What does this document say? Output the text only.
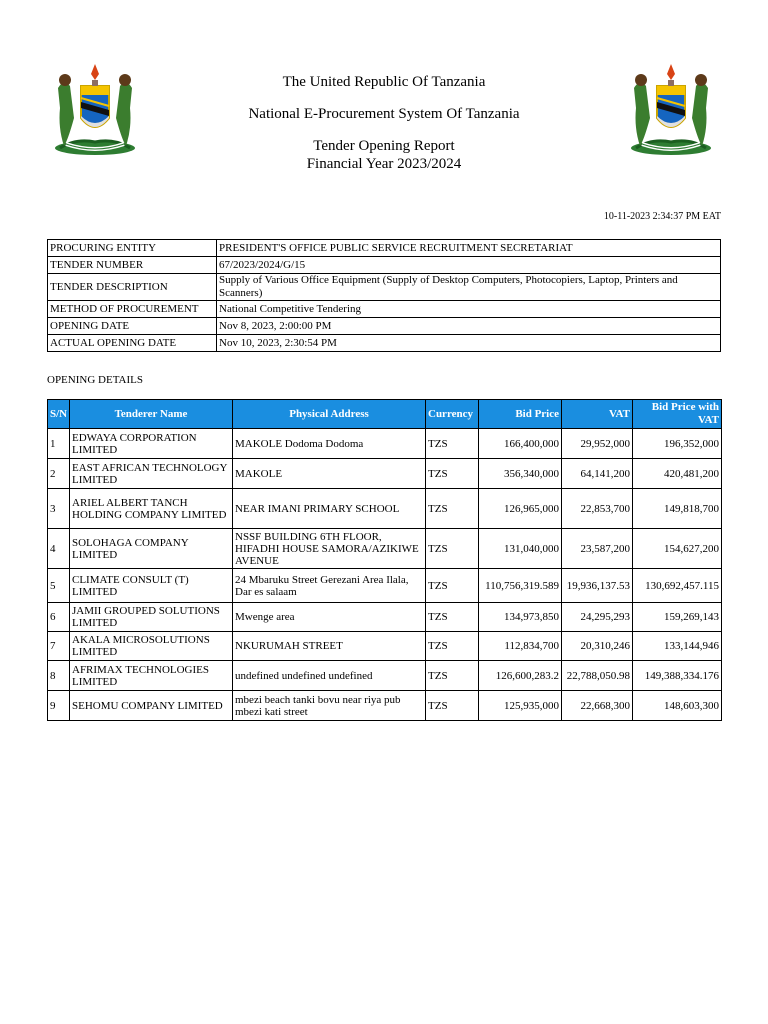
The United Republic Of Tanzania
National E-Procurement System Of Tanzania
Tender Opening Report
Financial Year 2023/2024
10-11-2023 2:34:37 PM EAT
PROCURING ENTITY	PRESIDENT'S OFFICE PUBLIC SERVICE RECRUITMENT SECRETARIAT
TENDER NUMBER	67/2023/2024/G/15
TENDER DESCRIPTION	Supply of Various Office Equipment (Supply of Desktop Computers, Photocopiers, Laptop, Printers and Scanners)
METHOD OF PROCUREMENT	National Competitive Tendering
OPENING DATE	Nov 8, 2023, 2:00:00 PM
ACTUAL OPENING DATE	Nov 10, 2023, 2:30:54 PM
OPENING DETAILS
S/N	Tenderer Name	Physical Address	Currency	Bid Price	VAT	Bid Price with VAT
1	EDWAYA CORPORATION LIMITED	MAKOLE Dodoma Dodoma	TZS	166,400,000	29,952,000	196,352,000
2	EAST AFRICAN TECHNOLOGY LIMITED	MAKOLE	TZS	356,340,000	64,141,200	420,481,200
3	ARIEL ALBERT TANCH HOLDING COMPANY LIMITED	NEAR IMANI PRIMARY SCHOOL	TZS	126,965,000	22,853,700	149,818,700
4	SOLOHAGA COMPANY LIMITED	NSSF BUILDING 6TH FLOOR, HIFADHI HOUSE SAMORA/AZIKIWE AVENUE	TZS	131,040,000	23,587,200	154,627,200
5	CLIMATE CONSULT (T) LIMITED	24 Mbaruku Street Gerezani Area Ilala, Dar es salaam	TZS	110,756,319.589	19,936,137.53	130,692,457.115
6	JAMII GROUPED SOLUTIONS LIMITED	Mwenge area	TZS	134,973,850	24,295,293	159,269,143
7	AKALA MICROSOLUTIONS LIMITED	NKURUMAH STREET	TZS	112,834,700	20,310,246	133,144,946
8	AFRIMAX TECHNOLOGIES LIMITED	undefined undefined undefined	TZS	126,600,283.2	22,788,050.98	149,388,334.176
9	SEHOMU COMPANY LIMITED	mbezi beach tanki bovu near riya pub mbezi kati street	TZS	125,935,000	22,668,300	148,603,300
